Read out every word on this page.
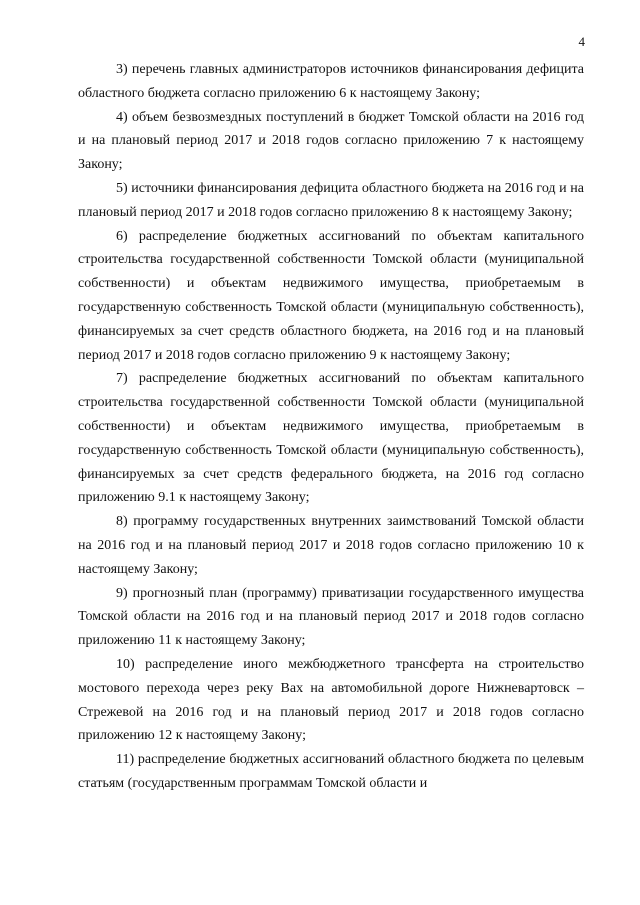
4

3) перечень главных администраторов источников финансирования дефицита областного бюджета согласно приложению 6 к настоящему Закону;

4) объем безвозмездных поступлений в бюджет Томской области на 2016 год и на плановый период 2017 и 2018 годов согласно приложению 7 к настоящему Закону;

5) источники финансирования дефицита областного бюджета на 2016 год и на плановый период 2017 и 2018 годов согласно приложению 8 к настоящему Закону;

6) распределение бюджетных ассигнований по объектам капитального строительства государственной собственности Томской области (муниципальной собственности) и объектам недвижимого имущества, приобретаемым в государственную собственность Томской области (муниципальную собственность), финансируемых за счет средств областного бюджета, на 2016 год и на плановый период 2017 и 2018 годов согласно приложению 9 к настоящему Закону;

7) распределение бюджетных ассигнований по объектам капитального строительства государственной собственности Томской области (муниципальной собственности) и объектам недвижимого имущества, приобретаемым в государственную собственность Томской области (муниципальную собственность), финансируемых за счет средств федерального бюджета, на 2016 год согласно приложению 9.1 к настоящему Закону;

8) программу государственных внутренних заимствований Томской области на 2016 год и на плановый период 2017 и 2018 годов согласно приложению 10 к настоящему Закону;

9) прогнозный план (программу) приватизации государственного имущества Томской области на 2016 год и на плановый период 2017 и 2018 годов согласно приложению 11 к настоящему Закону;

10) распределение иного межбюджетного трансферта на строительство мостового перехода через реку Вах на автомобильной дороге Нижневартовск – Стрежевой на 2016 год и на плановый период 2017 и 2018 годов согласно приложению 12 к настоящему Закону;

11) распределение бюджетных ассигнований областного бюджета по целевым статьям (государственным программам Томской области и
